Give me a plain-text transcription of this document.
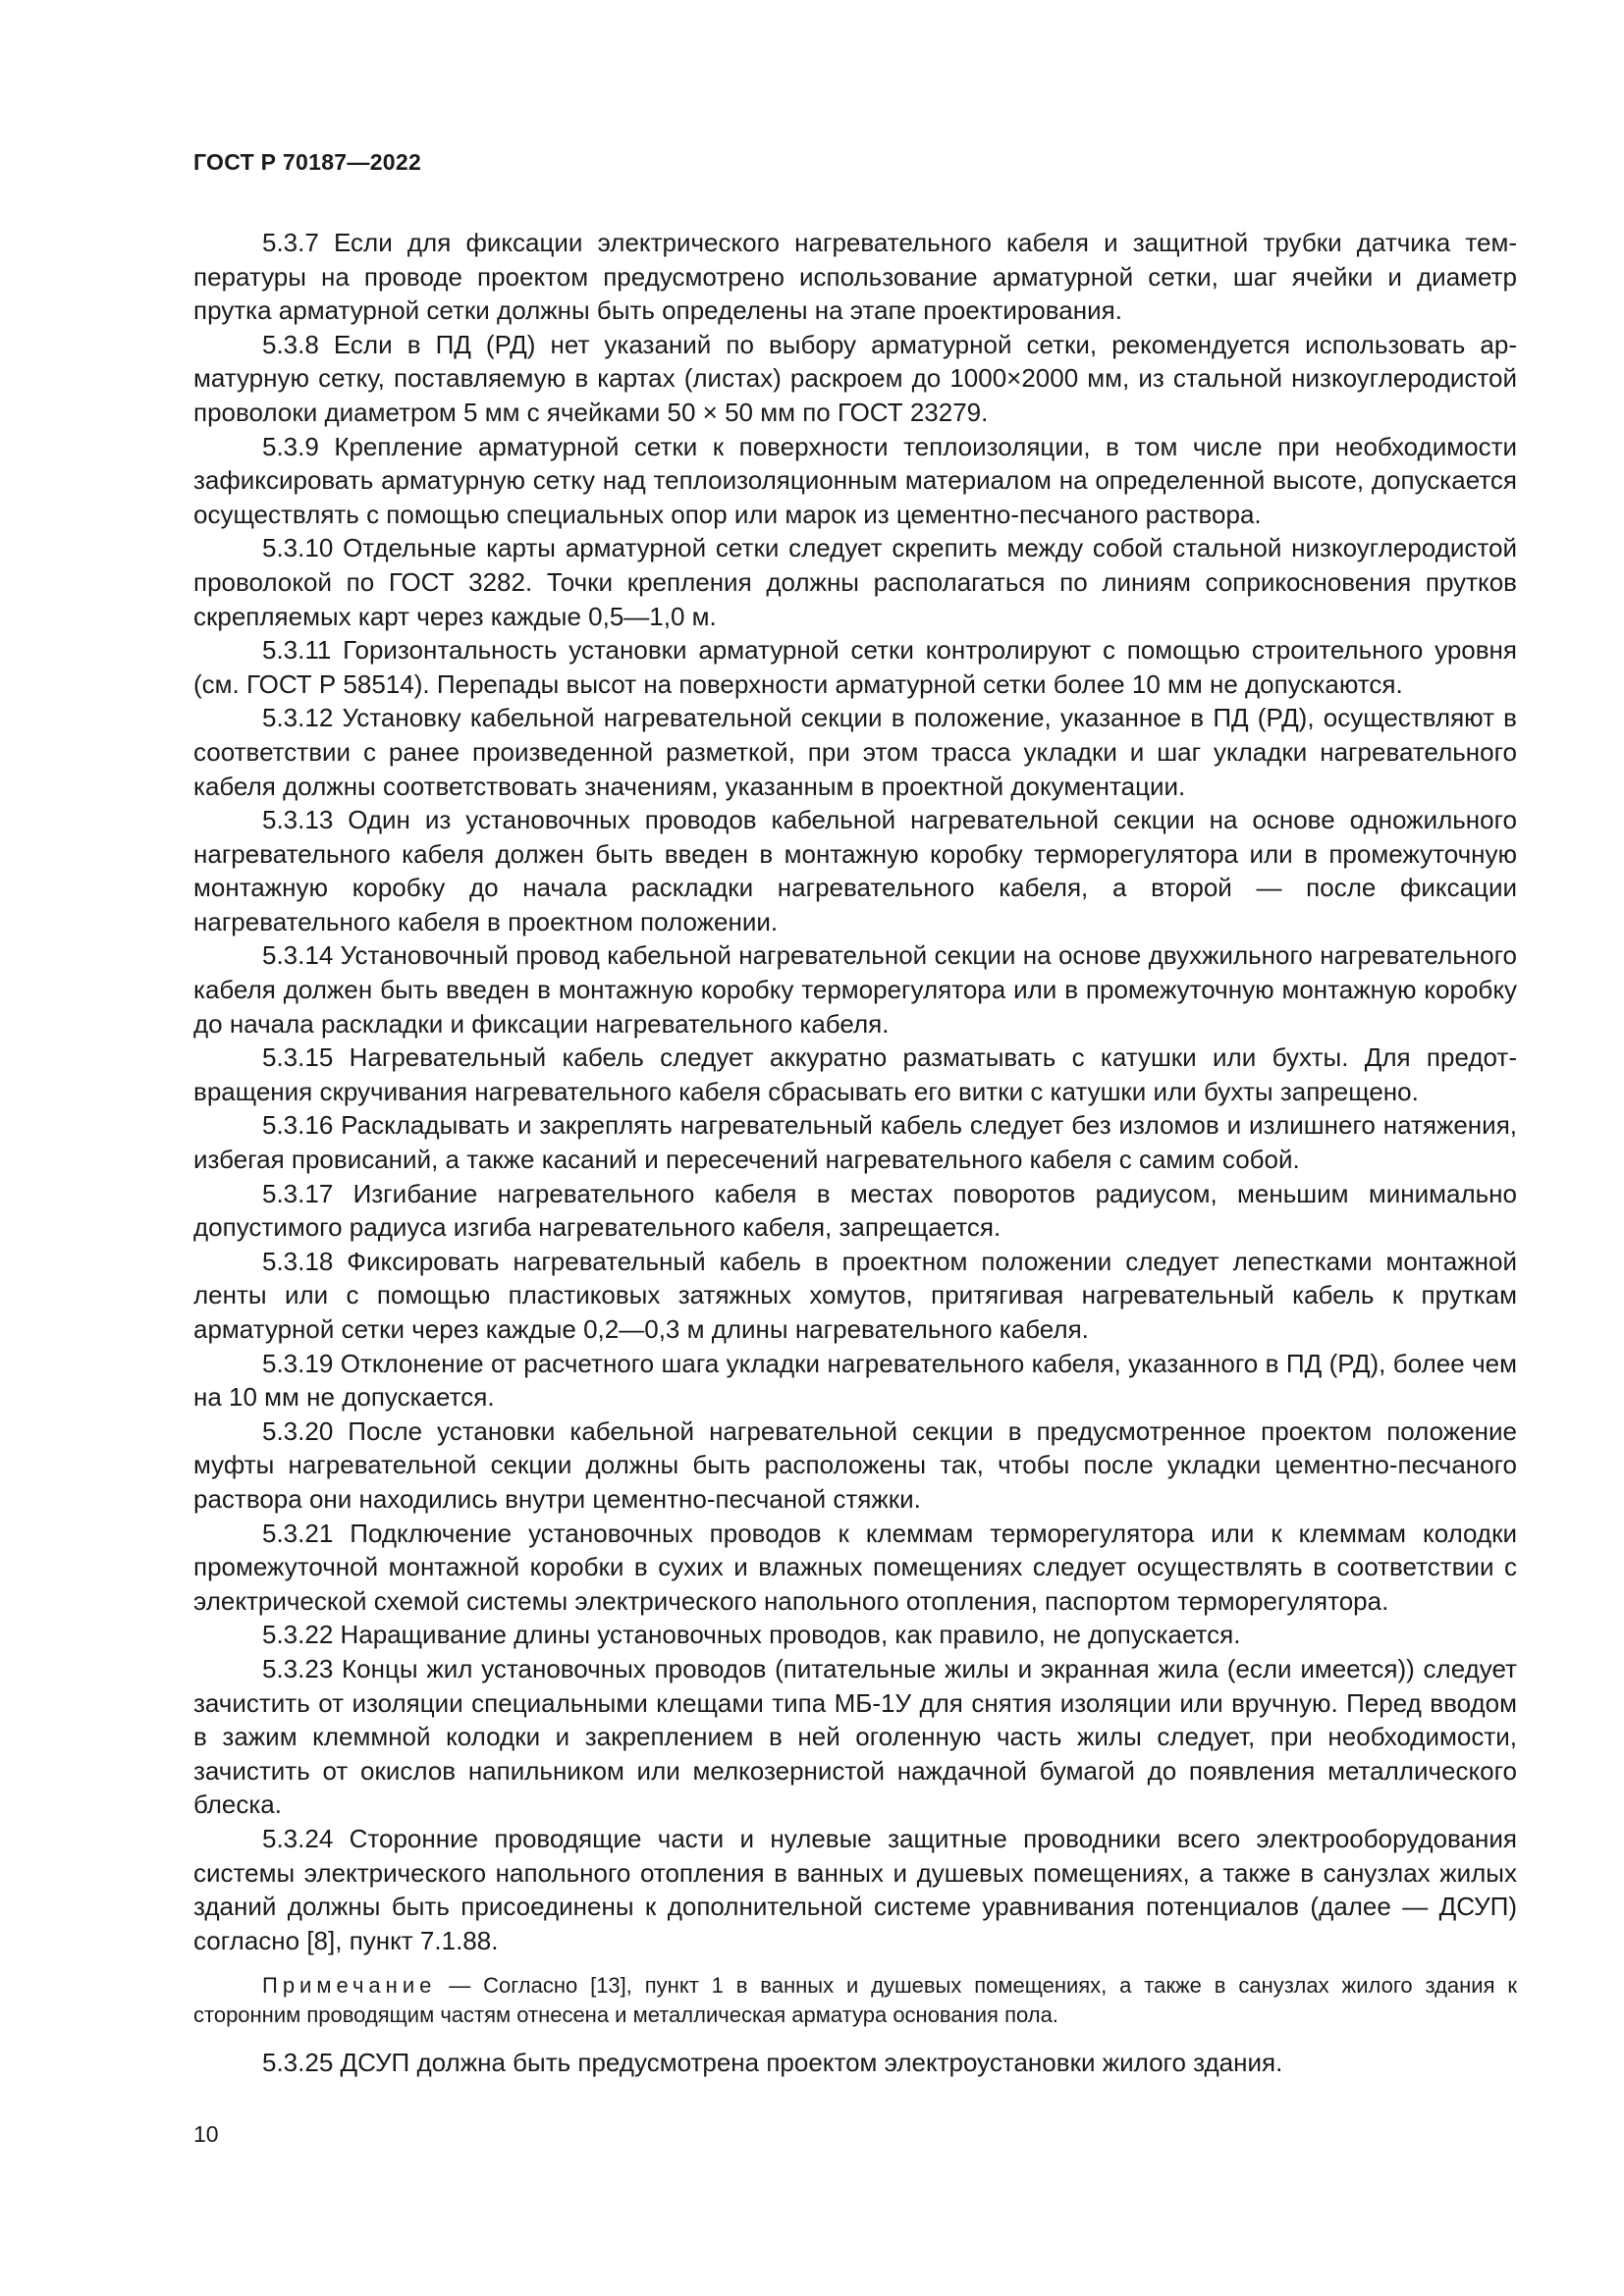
ГОСТ Р 70187—2022

5.3.7 Если для фиксации электрического нагревательного кабеля и защитной трубки датчика температуры на проводе проектом предусмотрено использование арматурной сетки, шаг ячейки и диаметр прутка арматурной сетки должны быть определены на этапе проектирования.

5.3.8 Если в ПД (РД) нет указаний по выбору арматурной сетки, рекомендуется использовать арматурную сетку, поставляемую в картах (листах) раскроем до 1000×2000 мм, из стальной низкоуглеродистой проволоки диаметром 5 мм с ячейками 50 × 50 мм по ГОСТ 23279.

5.3.9 Крепление арматурной сетки к поверхности теплоизоляции, в том числе при необходимости зафиксировать арматурную сетку над теплоизоляционным материалом на определенной высоте, допускается осуществлять с помощью специальных опор или марок из цементно-песчаного раствора.

5.3.10 Отдельные карты арматурной сетки следует скрепить между собой стальной низкоуглеродистой проволокой по ГОСТ 3282. Точки крепления должны располагаться по линиям соприкосновения прутков скрепляемых карт через каждые 0,5—1,0 м.

5.3.11 Горизонтальность установки арматурной сетки контролируют с помощью строительного уровня (см. ГОСТ Р 58514). Перепады высот на поверхности арматурной сетки более 10 мм не допускаются.

5.3.12 Установку кабельной нагревательной секции в положение, указанное в ПД (РД), осуществляют в соответствии с ранее произведенной разметкой, при этом трасса укладки и шаг укладки нагревательного кабеля должны соответствовать значениям, указанным в проектной документации.

5.3.13 Один из установочных проводов кабельной нагревательной секции на основе одножильного нагревательного кабеля должен быть введен в монтажную коробку терморегулятора или в промежуточную монтажную коробку до начала раскладки нагревательного кабеля, а второй — после фиксации нагревательного кабеля в проектном положении.

5.3.14 Установочный провод кабельной нагревательной секции на основе двухжильного нагревательного кабеля должен быть введен в монтажную коробку терморегулятора или в промежуточную монтажную коробку до начала раскладки и фиксации нагревательного кабеля.

5.3.15 Нагревательный кабель следует аккуратно разматывать с катушки или бухты. Для предотвращения скручивания нагревательного кабеля сбрасывать его витки с катушки или бухты запрещено.

5.3.16 Раскладывать и закреплять нагревательный кабель следует без изломов и излишнего натяжения, избегая провисаний, а также касаний и пересечений нагревательного кабеля с самим собой.

5.3.17 Изгибание нагревательного кабеля в местах поворотов радиусом, меньшим минимально допустимого радиуса изгиба нагревательного кабеля, запрещается.

5.3.18 Фиксировать нагревательный кабель в проектном положении следует лепестками монтажной ленты или с помощью пластиковых затяжных хомутов, притягивая нагревательный кабель к пруткам арматурной сетки через каждые 0,2—0,3 м длины нагревательного кабеля.

5.3.19 Отклонение от расчетного шага укладки нагревательного кабеля, указанного в ПД (РД), более чем на 10 мм не допускается.

5.3.20 После установки кабельной нагревательной секции в предусмотренное проектом положение муфты нагревательной секции должны быть расположены так, чтобы после укладки цементно-песчаного раствора они находились внутри цементно-песчаной стяжки.

5.3.21 Подключение установочных проводов к клеммам терморегулятора или к клеммам колодки промежуточной монтажной коробки в сухих и влажных помещениях следует осуществлять в соответствии с электрической схемой системы электрического напольного отопления, паспортом терморегулятора.

5.3.22 Наращивание длины установочных проводов, как правило, не допускается.

5.3.23 Концы жил установочных проводов (питательные жилы и экранная жила (если имеется)) следует зачистить от изоляции специальными клещами типа МБ-1У для снятия изоляции или вручную. Перед вводом в зажим клеммной колодки и закреплением в ней оголенную часть жилы следует, при необходимости, зачистить от окислов напильником или мелкозернистой наждачной бумагой до появления металлического блеска.

5.3.24 Сторонние проводящие части и нулевые защитные проводники всего электрооборудования системы электрического напольного отопления в ванных и душевых помещениях, а также в санузлах жилых зданий должны быть присоединены к дополнительной системе уравнивания потенциалов (далее — ДСУП) согласно [8], пункт 7.1.88.

Примечание — Согласно [13], пункт 1 в ванных и душевых помещениях, а также в санузлах жилого здания к сторонним проводящим частям отнесена и металлическая арматура основания пола.

5.3.25 ДСУП должна быть предусмотрена проектом электроустановки жилого здания.

10
